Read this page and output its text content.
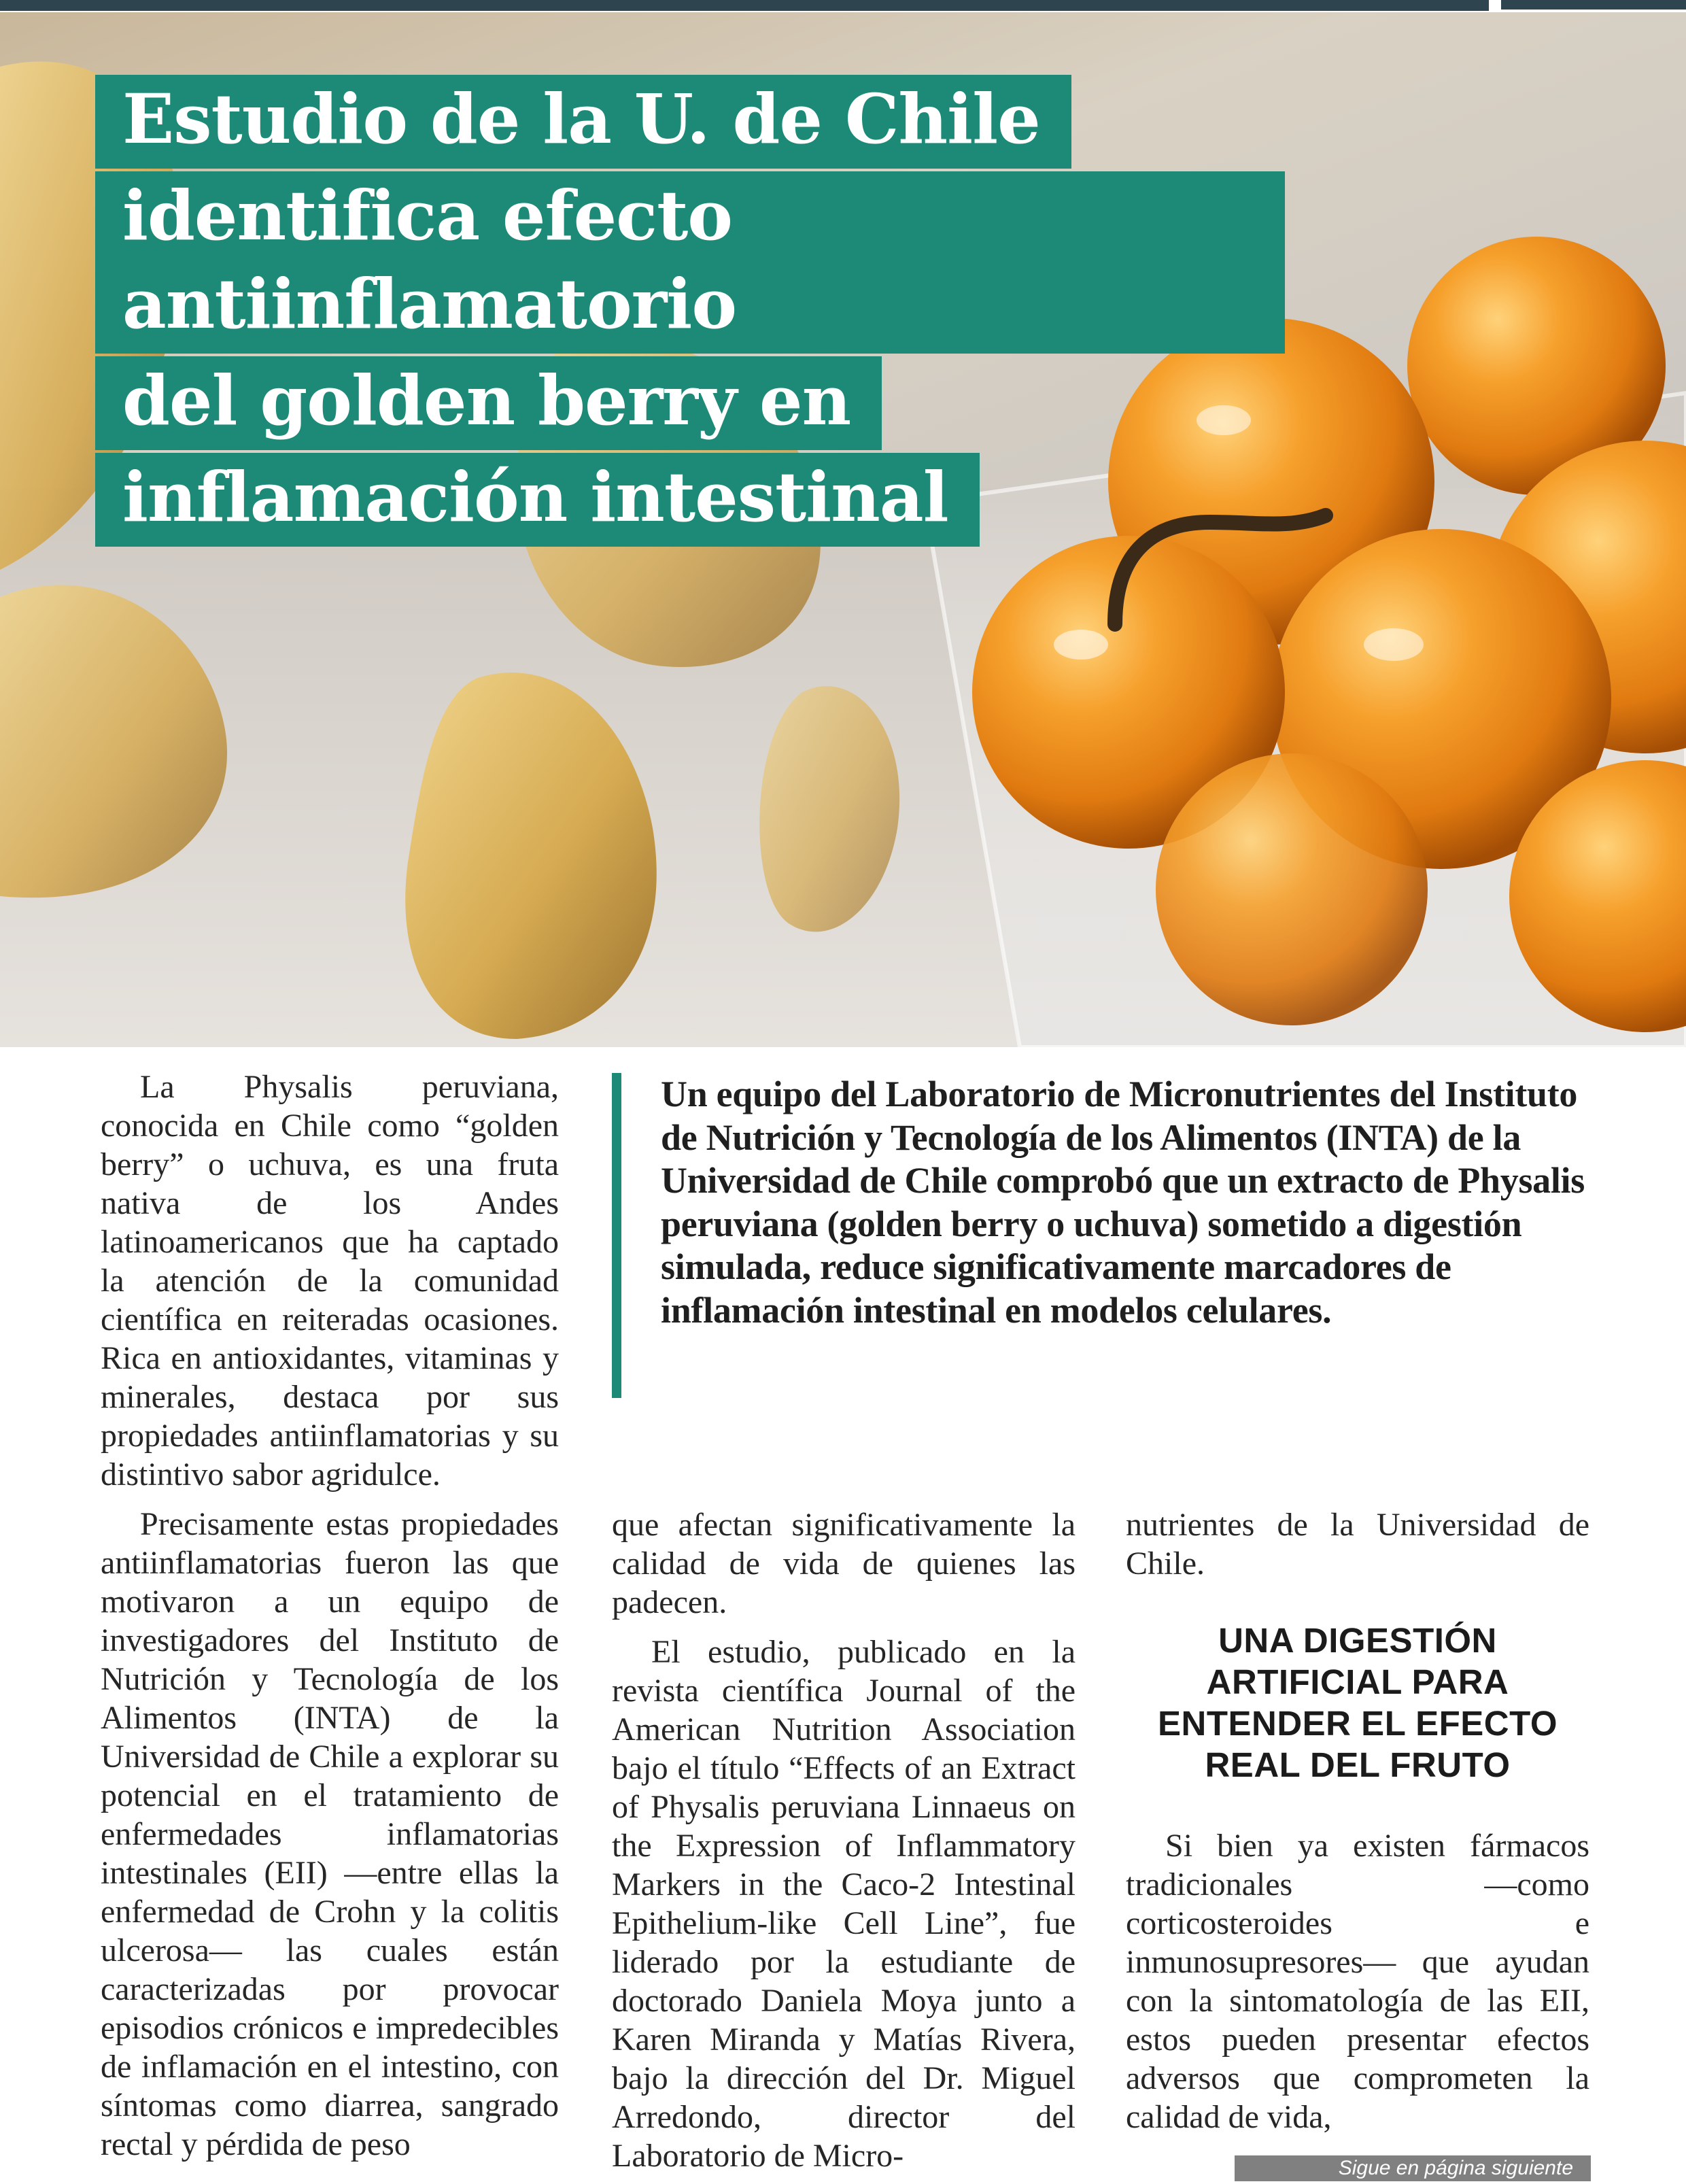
Estudio de la U. de Chile
identifica efecto antiinflamatorio
del golden berry en
inflamación intestinal

La Physalis peruviana, conocida en Chile como “golden berry” o uchuva, es una fruta nativa de los Andes latinoamericanos que ha captado la atención de la comunidad científica en reiteradas ocasiones. Rica en antioxidantes, vitaminas y minerales, destaca por sus propiedades antiinflamatorias y su distintivo sabor agridulce.

Precisamente estas propiedades antiinflamatorias fueron las que motivaron a un equipo de investigadores del Instituto de Nutrición y Tecnología de los Alimentos (INTA) de la Universidad de Chile a explorar su potencial en el tratamiento de enfermedades inflamatorias intestinales (EII) —entre ellas la enfermedad de Crohn y la colitis ulcerosa— las cuales están caracterizadas por provocar episodios crónicos e impredecibles de inflamación en el intestino, con síntomas como diarrea, sangrado rectal y pérdida de peso

Un equipo del Laboratorio de Micronutrientes del Instituto de Nutrición y Tecnología de los Alimentos (INTA) de la Universidad de Chile comprobó que un extracto de Physalis peruviana (golden berry o uchuva) sometido a digestión simulada, reduce significativamente marcadores de inflamación intestinal en modelos celulares.

que afectan significativamente la calidad de vida de quienes las padecen.

El estudio, publicado en la revista científica Journal of the American Nutrition Association bajo el título “Effects of an Extract of Physalis peruviana Linnaeus on the Expression of Inflammatory Markers in the Caco-2 Intestinal Epithelium-like Cell Line”, fue liderado por la estudiante de doctorado Daniela Moya junto a Karen Miranda y Matías Rivera, bajo la dirección del Dr. Miguel Arredondo, director del Laboratorio de Micro-

nutrientes de la Universidad de Chile.

UNA DIGESTIÓN
ARTIFICIAL PARA
ENTENDER EL EFECTO
REAL DEL FRUTO

Si bien ya existen fármacos tradicionales —como corticosteroides e inmunosupresores— que ayudan con la sintomatología de las EII, estos pueden presentar efectos adversos que comprometen la calidad de vida,

Sigue en página siguiente
